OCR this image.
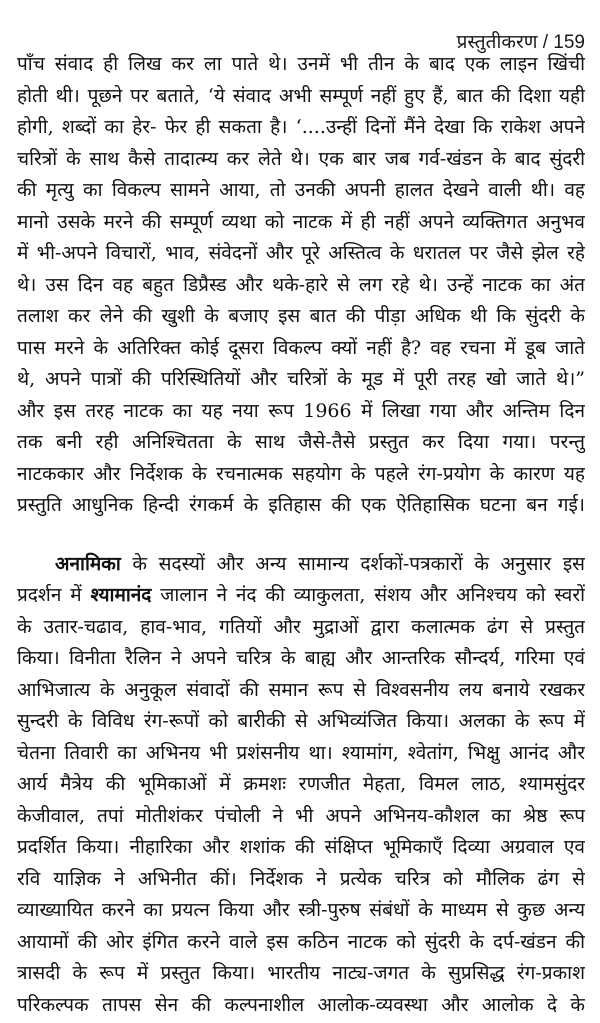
प्रस्तुतीकरण / 159
पाँच संवाद ही लिख कर ला पाते थे। उनमें भी तीन के बाद एक लाइन खिंची
होती थी। पूछने पर बताते, ‘ये संवाद अभी सम्पूर्ण नहीं हुए हैं, बात की दिशा यही
होगी, शब्दों का हेर- फेर ही सकता है। ‘....उन्हीं दिनों मैंने देखा कि राकेश अपने
चरित्रों के साथ कैसे तादात्म्य कर लेते थे। एक बार जब गर्व-खंडन के बाद सुंदरी
की मृत्यु का विकल्प सामने आया, तो उनकी अपनी हालत देखने वाली थी। वह
मानो उसके मरने की सम्पूर्ण व्यथा को नाटक में ही नहीं अपने व्यक्तिगत अनुभव
में भी-अपने विचारों, भाव, संवेदनों और पूरे अस्तित्व के धरातल पर जैसे झेल रहे
थे। उस दिन वह बहुत डिप्रैस्ड और थके-हारे से लग रहे थे। उन्हें नाटक का अंत
तलाश कर लेने की खुशी के बजाए इस बात की पीड़ा अधिक थी कि सुंदरी के
पास मरने के अतिरिक्त कोई दूसरा विकल्प क्यों नहीं है? वह रचना में डूब जाते
थे, अपने पात्रों की परिस्थितियों और चरित्रों के मूड में पूरी तरह खो जाते थे।”
और इस तरह नाटक का यह नया रूप 1966 में लिखा गया और अन्तिम दिन
तक बनी रही अनिश्चितता के साथ जैसे-तैसे प्रस्तुत कर दिया गया। परन्तु
नाटककार और निर्देशक के रचनात्मक सहयोग के पहले रंग-प्रयोग के कारण यह
प्रस्तुति आधुनिक हिन्दी रंगकर्म के इतिहास की एक ऐतिहासिक घटना बन गई।
अनामिका के सदस्यों और अन्य सामान्य दर्शकों-पत्रकारों के अनुसार इस
प्रदर्शन में श्यामानंद जालान ने नंद की व्याकुलता, संशय और अनिश्चय को स्वरों
के उतार-चढाव, हाव-भाव, गतियों और मुद्राओं द्वारा कलात्मक ढंग से प्रस्तुत
किया। विनीता रैलिन ने अपने चरित्र के बाह्य और आन्तरिक सौन्दर्य, गरिमा एवं
आभिजात्य के अनुकूल संवादों की समान रूप से विश्वसनीय लय बनाये रखकर
सुन्दरी के विविध रंग-रूपों को बारीकी से अभिव्यंजित किया। अलका के रूप में
चेतना तिवारी का अभिनय भी प्रशंसनीय था। श्यामांग, श्वेतांग, भिक्षु आनंद और
आर्य मैत्रेय की भूमिकाओं में क्रमशः रणजीत मेहता, विमल लाठ, श्यामसुंदर
केजीवाल, तपां मोतीशंकर पंचोली ने भी अपने अभिनय-कौशल का श्रेष्ठ रूप
प्रदर्शित किया। नीहारिका और शशांक की संक्षिप्त भूमिकाएँ दिव्या अग्रवाल एव
रवि याज्ञिक ने अभिनीत कीं। निर्देशक ने प्रत्येक चरित्र को मौलिक ढंग से
व्याख्यायित करने का प्रयत्न किया और स्त्री-पुरुष संबंधों के माध्यम से कुछ अन्य
आयामों की ओर इंगित करने वाले इस कठिन नाटक को सुंदरी के दर्प-खंडन की
त्रासदी के रूप में प्रस्तुत किया। भारतीय नाट्य-जगत के सुप्रसिद्ध रंग-प्रकाश
परिकल्पक तापस सेन की कल्पनाशील आलोक-व्यवस्था और आलोक दे के
